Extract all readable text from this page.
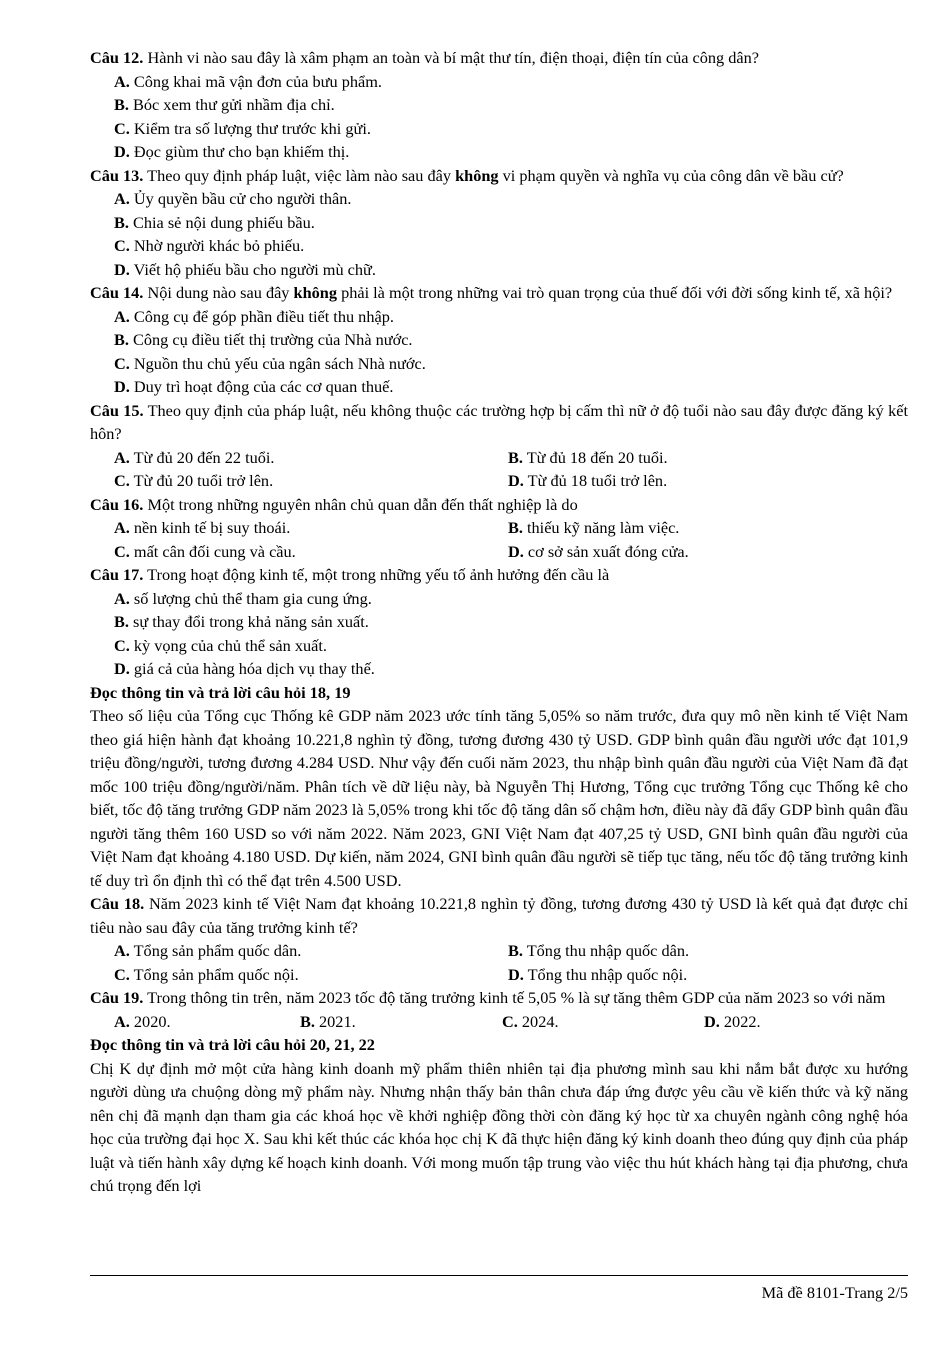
Câu 12. Hành vi nào sau đây là xâm phạm an toàn và bí mật thư tín, điện thoại, điện tín của công dân?
A. Công khai mã vận đơn của bưu phẩm.
B. Bóc xem thư gửi nhầm địa chỉ.
C. Kiểm tra số lượng thư trước khi gửi.
D. Đọc giùm thư cho bạn khiếm thị.
Câu 13. Theo quy định pháp luật, việc làm nào sau đây không vi phạm quyền và nghĩa vụ của công dân về bầu cử?
A. Ủy quyền bầu cử cho người thân.
B. Chia sẻ nội dung phiếu bầu.
C. Nhờ người khác bỏ phiếu.
D. Viết hộ phiếu bầu cho người mù chữ.
Câu 14. Nội dung nào sau đây không phải là một trong những vai trò quan trọng của thuế đối với đời sống kinh tế, xã hội?
A. Công cụ để góp phần điều tiết thu nhập.
B. Công cụ điều tiết thị trường của Nhà nước.
C. Nguồn thu chủ yếu của ngân sách Nhà nước.
D. Duy trì hoạt động của các cơ quan thuế.
Câu 15. Theo quy định của pháp luật, nếu không thuộc các trường hợp bị cấm thì nữ ở độ tuổi nào sau đây được đăng ký kết hôn?
A. Từ đủ 20 đến 22 tuổi.	B. Từ đủ 18 đến 20 tuổi.
C. Từ đủ 20 tuổi trở lên.	D. Từ đủ 18 tuổi trở lên.
Câu 16. Một trong những nguyên nhân chủ quan dẫn đến thất nghiệp là do
A. nền kinh tế bị suy thoái.	B. thiếu kỹ năng làm việc.
C. mất cân đối cung và cầu.	D. cơ sở sản xuất đóng cửa.
Câu 17. Trong hoạt động kinh tế, một trong những yếu tố ảnh hưởng đến cầu là
A. số lượng chủ thể tham gia cung ứng.
B. sự thay đổi trong khả năng sản xuất.
C. kỳ vọng của chủ thể sản xuất.
D. giá cả của hàng hóa dịch vụ thay thế.
Đọc thông tin và trả lời câu hỏi 18, 19
Theo số liệu của Tổng cục Thống kê GDP năm 2023 ước tính tăng 5,05% so năm trước, đưa quy mô nền kinh tế Việt Nam theo giá hiện hành đạt khoảng 10.221,8 nghìn tỷ đồng, tương đương 430 tỷ USD. GDP bình quân đầu người ước đạt 101,9 triệu đồng/người, tương đương 4.284 USD. Như vậy đến cuối năm 2023, thu nhập bình quân đầu người của Việt Nam đã đạt mốc 100 triệu đồng/người/năm. Phân tích về dữ liệu này, bà Nguyễn Thị Hương, Tổng cục trưởng Tổng cục Thống kê cho biết, tốc độ tăng trưởng GDP năm 2023 là 5,05% trong khi tốc độ tăng dân số chậm hơn, điều này đã đẩy GDP bình quân đầu người tăng thêm 160 USD so với năm 2022. Năm 2023, GNI Việt Nam đạt 407,25 tỷ USD, GNI bình quân đầu người của Việt Nam đạt khoảng 4.180 USD. Dự kiến, năm 2024, GNI bình quân đầu người sẽ tiếp tục tăng, nếu tốc độ tăng trưởng kinh tế duy trì ổn định thì có thể đạt trên 4.500 USD.
Câu 18. Năm 2023 kinh tế Việt Nam đạt khoảng 10.221,8 nghìn tỷ đồng, tương đương 430 tỷ USD là kết quả đạt được chỉ tiêu nào sau đây của tăng trưởng kinh tế?
A. Tổng sản phẩm quốc dân.	B. Tổng thu nhập quốc dân.
C. Tổng sản phẩm quốc nội.	D. Tổng thu nhập quốc nội.
Câu 19. Trong thông tin trên, năm 2023 tốc độ tăng trưởng kinh tế 5,05 % là sự tăng thêm GDP của năm 2023 so với năm
A. 2020.	B. 2021.	C. 2024.	D. 2022.
Đọc thông tin và trả lời câu hỏi 20, 21, 22
Chị K dự định mở một cửa hàng kinh doanh mỹ phẩm thiên nhiên tại địa phương mình sau khi nắm bắt được xu hướng người dùng ưa chuộng dòng mỹ phẩm này. Nhưng nhận thấy bản thân chưa đáp ứng được yêu cầu về kiến thức và kỹ năng nên chị đã mạnh dạn tham gia các khoá học về khởi nghiệp đồng thời còn đăng ký học từ xa chuyên ngành công nghệ hóa học của trường đại học X. Sau khi kết thúc các khóa học chị K đã thực hiện đăng ký kinh doanh theo đúng quy định của pháp luật và tiến hành xây dựng kế hoạch kinh doanh. Với mong muốn tập trung vào việc thu hút khách hàng tại địa phương, chưa chú trọng đến lợi
Mã đề 8101-Trang 2/5
